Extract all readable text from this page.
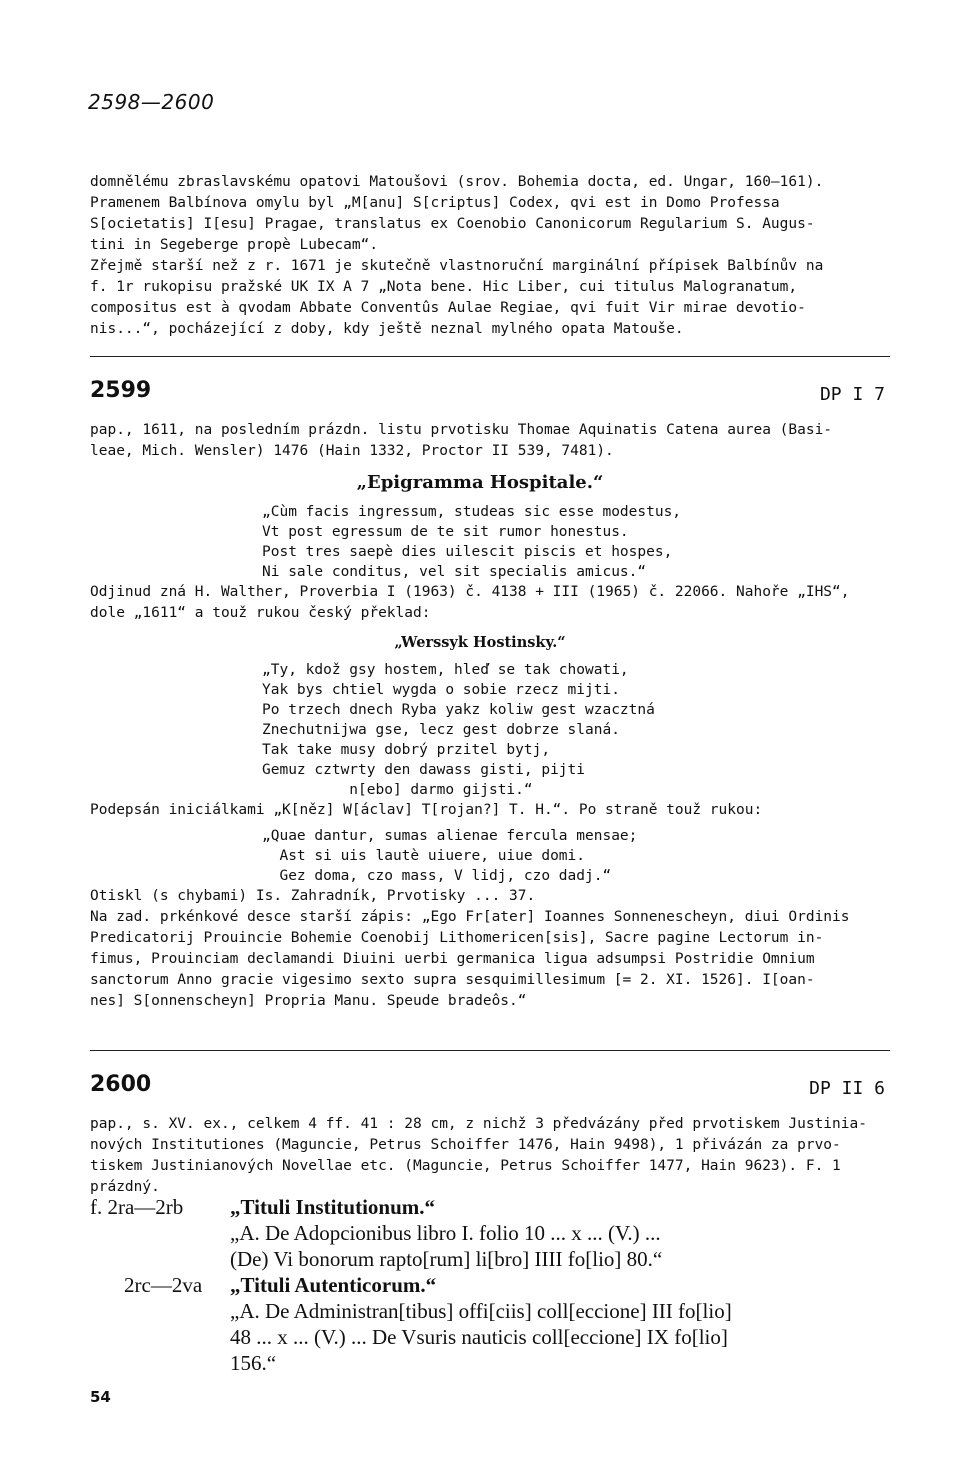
2598—2600
domnělému zbraslavskému opatovi Matoušovi (srov. Bohemia docta, ed. Ungar, 160—161).
Pramenem Balbínova omylu byl „M[anu] S[criptus] Codex, qvi est in Domo Professa
S[ocietatis] I[esu] Pragae, translatus ex Coenobio Canonicorum Regularium S. Augus-
tini in Segeberge propè Lubecam“.
Zřejmě starší než z r. 1671 je skutečně vlastnoruční marginální přípisek Balbínův na
f. 1r rukopisu pražské UK IX A 7 „Nota bene. Hic Liber, cui titulus Malogranatum,
compositus est à qvodam Abbate Conventûs Aulae Regiae, qvi fuit Vir mirae devotio-
nis...“, pocházející z doby, kdy ještě neznal mylného opata Matouše.
2599	DP I 7
pap., 1611, na posledním prázdn. listu prvotisku Thomae Aquinatis Catena aurea (Basi-
leae, Mich. Wensler) 1476 (Hain 1332, Proctor II 539, 7481).
„Epigramma Hospitale.“
„Cùm facis ingressum, studeas sic esse modestus,
Vt post egressum de te sit rumor honestus.
Post tres saepè dies uilescit piscis et hospes,
Ni sale conditus, vel sit specialis amicus.“
Odjinud zná H. Walther, Proverbia I (1963) č. 4138 + III (1965) č. 22066. Nahoře „IHS“,
dole „1611“ a touž rukou český překlad:
„Werssyk Hostinsky.“
„Ty, kdož gsy hostem, hleď se tak chowati,
Yak bys chtiel wygda o sobie rzecz mijti.
Po trzech dnech Ryba yakz koliw gest wzacztná
Znechutnijwa gse, lecz gest dobrze slaná.
Tak take musy dobrý przitel bytj,
Gemuz cztwrty den dawass gisti, pijti
n[ebo] darmo gijsti.“
Podepsán iniciálkami „K[něz] W[áclav] T[rojan?] T. H.“. Po straně touž rukou:
„Quae dantur, sumas alienae fercula mensae;
Ast si uis lautè uiuere, uiue domi.
Gez doma, czo mass, V lidj, czo dadj.“
Otiskl (s chybami) Is. Zahradník, Prvotisky ... 37.
Na zad. prkénkové desce starší zápis: „Ego Fr[ater] Ioannes Sonnenescheyn, diui Ordinis
Predicatorij Prouincie Bohemie Coenobij Lithomericen[sis], Sacre pagine Lectorum in-
fimus, Prouinciam declamandi Diuini uerbi germanica ligua adsumpsi Postridie Omnium
sanctorum Anno gracie vigesimo sexto supra sesquimillesimum [= 2. XI. 1526]. I[oan-
nes] S[onnenscheyn] Propria Manu. Speude bradeôs.“
2600	DP II 6
pap., s. XV. ex., celkem 4 ff. 41 : 28 cm, z nichž 3 předvázány před prvotiskem Justinia-
nových Institutiones (Maguncie, Petrus Schoiffer 1476, Hain 9498), 1 přivázán za prvo-
tiskem Justinianových Novellae etc. (Maguncie, Petrus Schoiffer 1477, Hain 9623). F. 1
prázdný.
f. 2ra—2rb „Tituli Institutionum.“
„A. De Adopcionibus libro I. folio 10 ... x ... (V.) ...
(De) Vi bonorum rapto[rum] li[bro] IIII fo[lio] 80.“
2rc—2va „Tituli Autenticorum.“
„A. De Administran[tibus] offi[ciis] coll[eccione] III fo[lio]
48 ... x ... (V.) ... De Vsuris nauticis coll[eccione] IX fo[lio]
156.“
54
